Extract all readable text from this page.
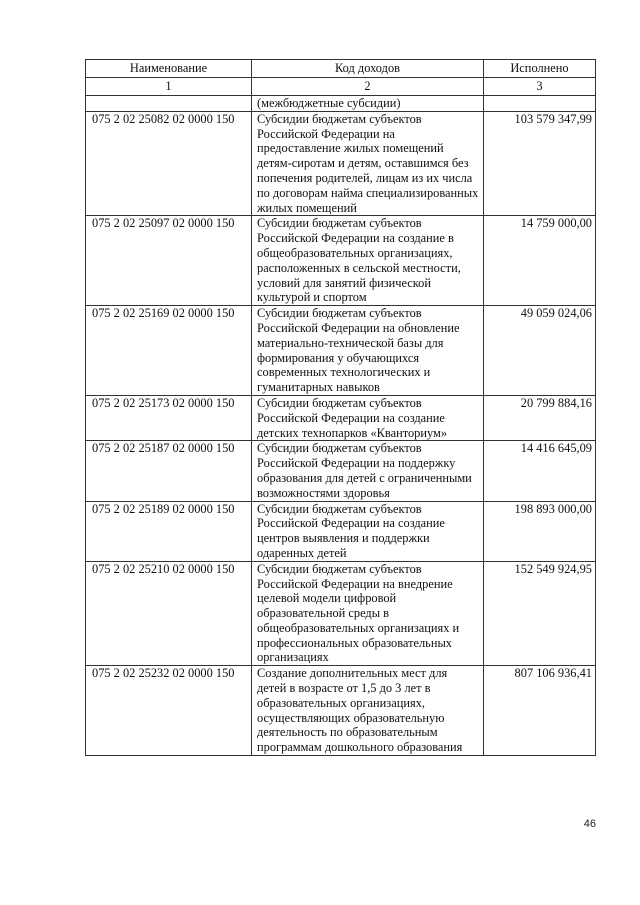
Наименование	Код доходов	Исполнено
1	2	3
	(межбюджетные субсидии)	
075 2 02 25082 02 0000 150	Субсидии бюджетам субъектов Российской Федерации на предоставление жилых помещений детям-сиротам и детям, оставшимся без попечения родителей, лицам из их числа по договорам найма специализированных жилых помещений	103 579 347,99
075 2 02 25097 02 0000 150	Субсидии бюджетам субъектов Российской Федерации на создание в общеобразовательных организациях, расположенных в сельской местности, условий для занятий физической культурой и спортом	14 759 000,00
075 2 02 25169 02 0000 150	Субсидии бюджетам субъектов Российской Федерации на обновление материально-технической базы для формирования у обучающихся современных технологических и гуманитарных навыков	49 059 024,06
075 2 02 25173 02 0000 150	Субсидии бюджетам субъектов Российской Федерации на создание детских технопарков «Кванториум»	20 799 884,16
075 2 02 25187 02 0000 150	Субсидии бюджетам субъектов Российской Федерации на поддержку образования для детей с ограниченными возможностями здоровья	14 416 645,09
075 2 02 25189 02 0000 150	Субсидии бюджетам субъектов Российской Федерации на создание центров выявления и поддержки одаренных детей	198 893 000,00
075 2 02 25210 02 0000 150	Субсидии бюджетам субъектов Российской Федерации на внедрение целевой модели цифровой образовательной среды в общеобразовательных организациях и профессиональных образовательных организациях	152 549 924,95
075 2 02 25232 02 0000 150	Создание дополнительных мест для детей в возрасте от 1,5 до 3 лет в образовательных организациях, осуществляющих образовательную деятельность по образовательным программам дошкольного образования	807 106 936,41
46
